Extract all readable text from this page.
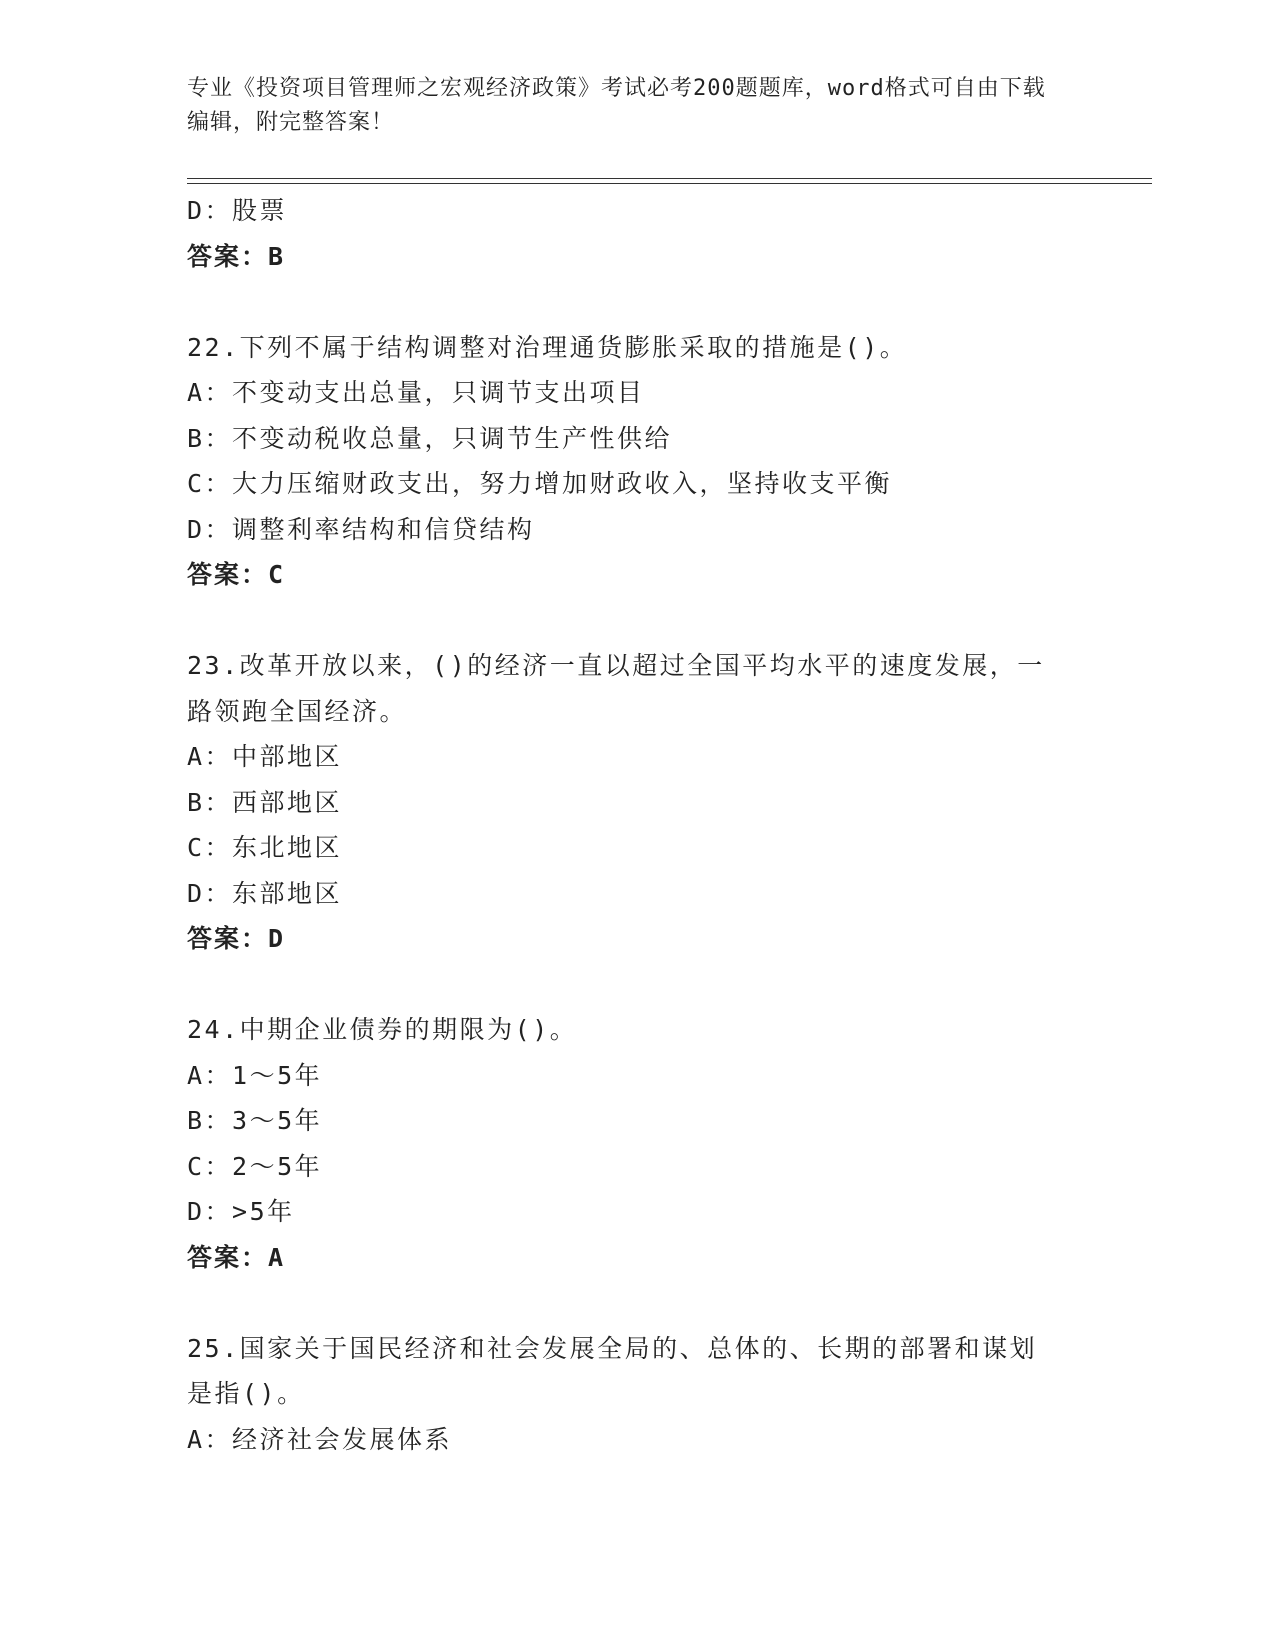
专业《投资项目管理师之宏观经济政策》考试必考200题题库，word格式可自由下载编辑，附完整答案！
D：股票
答案：B
22.下列不属于结构调整对治理通货膨胀采取的措施是()。
A：不变动支出总量，只调节支出项目
B：不变动税收总量，只调节生产性供给
C：大力压缩财政支出，努力增加财政收入，坚持收支平衡
D：调整利率结构和信贷结构
答案：C
23.改革开放以来，()的经济一直以超过全国平均水平的速度发展，一
路领跑全国经济。
A：中部地区
B：西部地区
C：东北地区
D：东部地区
答案：D
24.中期企业债券的期限为()。
A：1～5年
B：3～5年
C：2～5年
D：>5年
答案：A
25.国家关于国民经济和社会发展全局的、总体的、长期的部署和谋划
是指()。
A：经济社会发展体系
